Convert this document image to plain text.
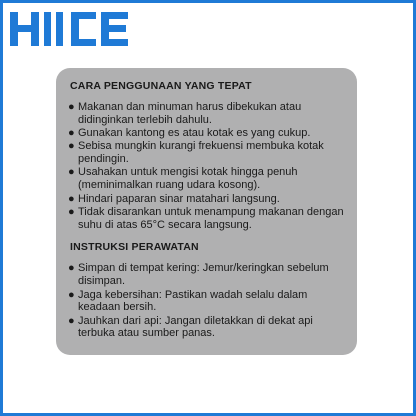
CARA PENGGUNAAN YANG TEPAT
● Makanan dan minuman harus dibekukan atau didinginkan terlebih dahulu.
● Gunakan kantong es atau kotak es yang cukup.
● Sebisa mungkin kurangi frekuensi membuka kotak pendingin.
● Usahakan untuk mengisi kotak hingga penuh (meminimalkan ruang udara kosong).
● Hindari paparan sinar matahari langsung.
● Tidak disarankan untuk menampung makanan dengan suhu di atas 65°C secara langsung.
INSTRUKSI PERAWATAN
● Simpan di tempat kering: Jemur/keringkan sebelum disimpan.
● Jaga kebersihan: Pastikan wadah selalu dalam keadaan bersih.
● Jauhkan dari api: Jangan diletakkan di dekat api terbuka atau sumber panas.
